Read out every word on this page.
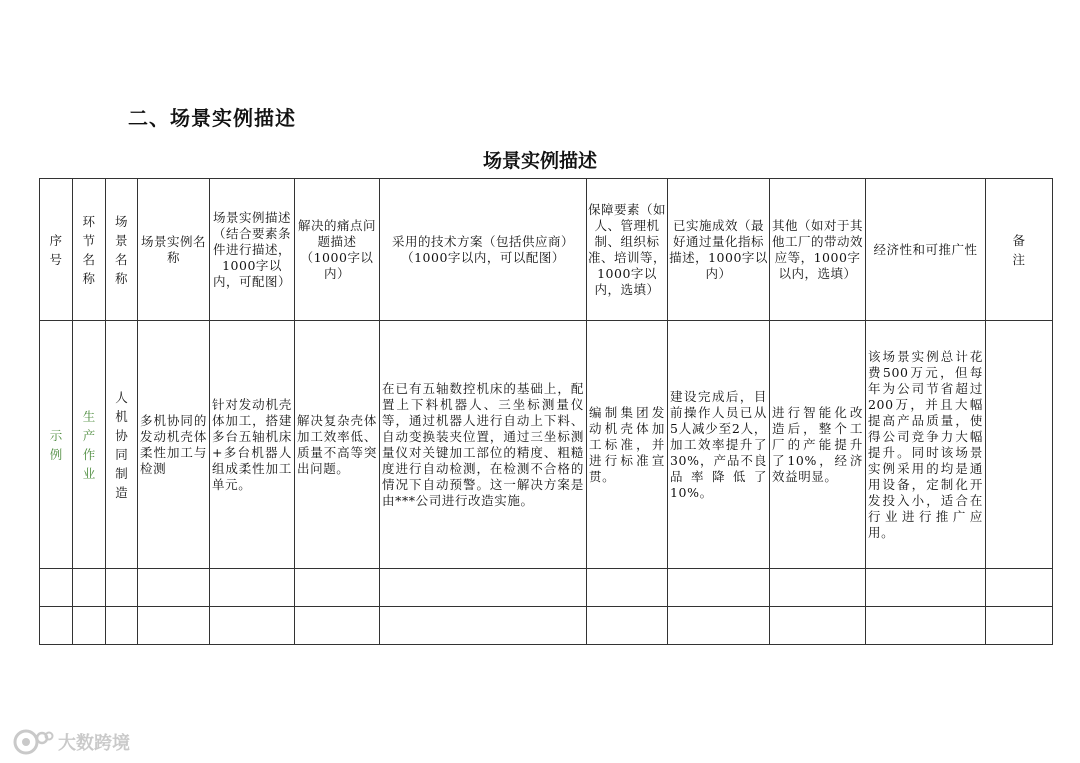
二、场景实例描述
场景实例描述
序号	环节名称	场景名称	场景实例名称	场景实例描述（结合要素条件进行描述，1000字以内，可配图）	解决的痛点问题描述（1000字以内）	采用的技术方案（包括供应商）（1000字以内，可以配图）	保障要素（如人、管理机制、组织标准、培训等，1000字以内，选填）	已实施成效（最好通过量化指标描述，1000字以内）	其他（如对于其他工厂的带动效应等，1000字以内，选填）	经济性和可推广性	备注
示例	生产作业	人机协同制造	多机协同的发动机壳体柔性加工与检测	针对发动机壳体加工，搭建多台五轴机床+多台机器人组成柔性加工单元。	解决复杂壳体加工效率低、质量不高等突出问题。	在已有五轴数控机床的基础上，配置上下料机器人、三坐标测量仪等，通过机器人进行自动上下料、自动变换装夹位置，通过三坐标测量仪对关键加工部位的精度、粗糙度进行自动检测，在检测不合格的情况下自动预警。这一解决方案是由***公司进行改造实施。	编制集团发动机壳体加工标准，并进行标准宣贯。	建设完成后，目前操作人员已从5人减少至2人，加工效率提升了30%，产品不良品率降低了10%。	进行智能化改造后，整个工厂的产能提升了10%，经济效益明显。	该场景实例总计花费500万元，但每年为公司节省超过200万，并且大幅提高产品质量，使得公司竞争力大幅提升。同时该场景实例采用的均是通用设备，定制化开发投入小，适合在行业进行推广应用。	

大数跨境
